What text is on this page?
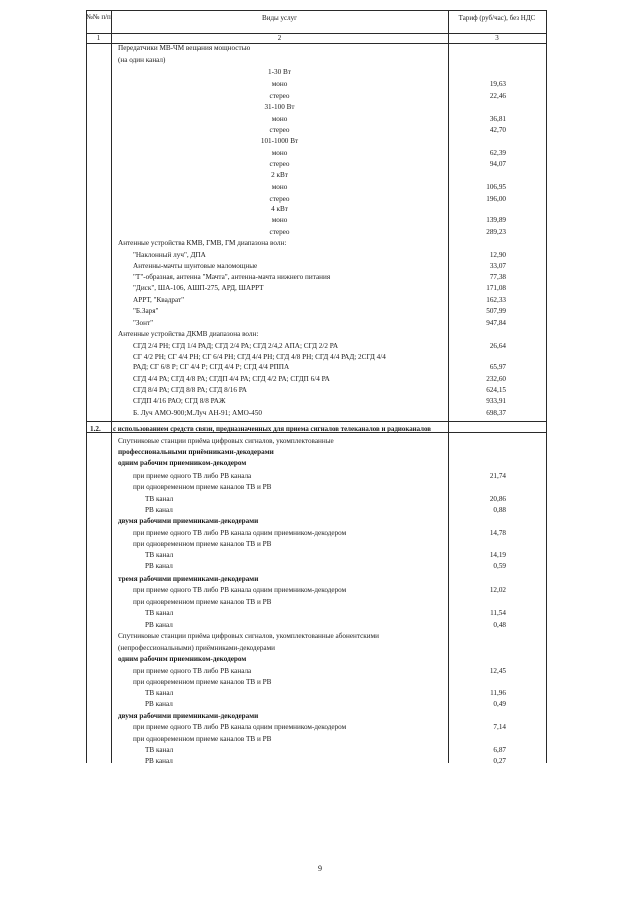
№№ п/п	Виды услуг	Тариф (руб/час), без НДС
1	2	3
Передатчики МВ-ЧМ вещания мощностью
(на один канал)
1-30 Вт
моно	19,63
стерео	22,46
31-100 Вт
моно	36,81
стерео	42,70
101-1000 Вт
моно	62,39
стерео	94,07
2 кВт
моно	106,95
стерео	196,00
4 кВт
моно	139,89
стерео	289,23
Антенные устройства КМВ, ГМВ, ГМ диапазона волн:
"Наклонный луч", ДПА	12,90
Антенны-мачты шунтовые маломощные	33,07
"Т"-образная, антенна "Мачта", антенна-мачта нижнего питания	77,38
"Диск", ША-106, АШП-275, АРД, ШАРРТ	171,08
АРРТ, "Квадрат"	162,33
"Б.Заря"	507,99
"Зонт"	947,84
Антенные устройства ДКМВ диапазона волн:
СГД 2/4 РН; СГД 1/4 РАД; СГД 2/4 РА; СГД 2/4,2 АПА; СГД 2/2 РА	26,64
СГ 4/2 РН; СГ 4/4 РН; СГ 6/4 РН; СГД 4/4 РН; СГД 4/8 РН; СГД 4/4 РАД; 2СГД 4/4
РАД; СГ 6/8 Р; СГ 4/4 Р; СГД 4/4 Р; СГД 4/4 РППА	65,97
СГД 4/4 РА; СГД 4/8 РА; СГДП 4/4 РА; СГД 4/2 РА; СГДП 6/4 РА	232,60
СГД 8/4 РА; СГД 8/8 РА; СГД 8/16 РА	624,15
СГДП 4/16 РАО; СГД 8/8 РАЖ	933,91
Б. Луч АМО-900;М.Луч АН-91; АМО-450	698,37
1.2. с использованием средств связи, предназначенных для приема сигналов телеканалов и радиоканалов
Спутниковые станции приёма цифровых сигналов, укомплектованные
профессиональными приёмниками-декодерами
одним рабочим приемником-декодером
при приеме одного ТВ либо РВ канала	21,74
при одновременном приеме каналов ТВ и РВ
ТВ канал	20,86
РВ канал	0,88
двумя рабочими приемниками-декодерами
при приеме одного ТВ либо РВ канала одним приемником-декодером	14,78
при одновременном приеме каналов ТВ и РВ
ТВ канал	14,19
РВ канал	0,59
тремя рабочими приемниками-декодерами
при приеме одного ТВ либо РВ канала одним приемником-декодером	12,02
при одновременном приеме каналов ТВ и РВ
ТВ канал	11,54
РВ канал	0,48
Спутниковые станции приёма цифровых сигналов, укомплектованные абонентскими
(непрофессиональными) приёмниками-декодерами
одним рабочим приемником-декодером
при приеме одного ТВ либо РВ канала	12,45
при одновременном приеме каналов ТВ и РВ
ТВ канал	11,96
РВ канал	0,49
двумя рабочими приемниками-декодерами
при приеме одного ТВ либо РВ канала одним приемником-декодером	7,14
при одновременном приеме каналов ТВ и РВ
ТВ канал	6,87
РВ канал	0,27
9
